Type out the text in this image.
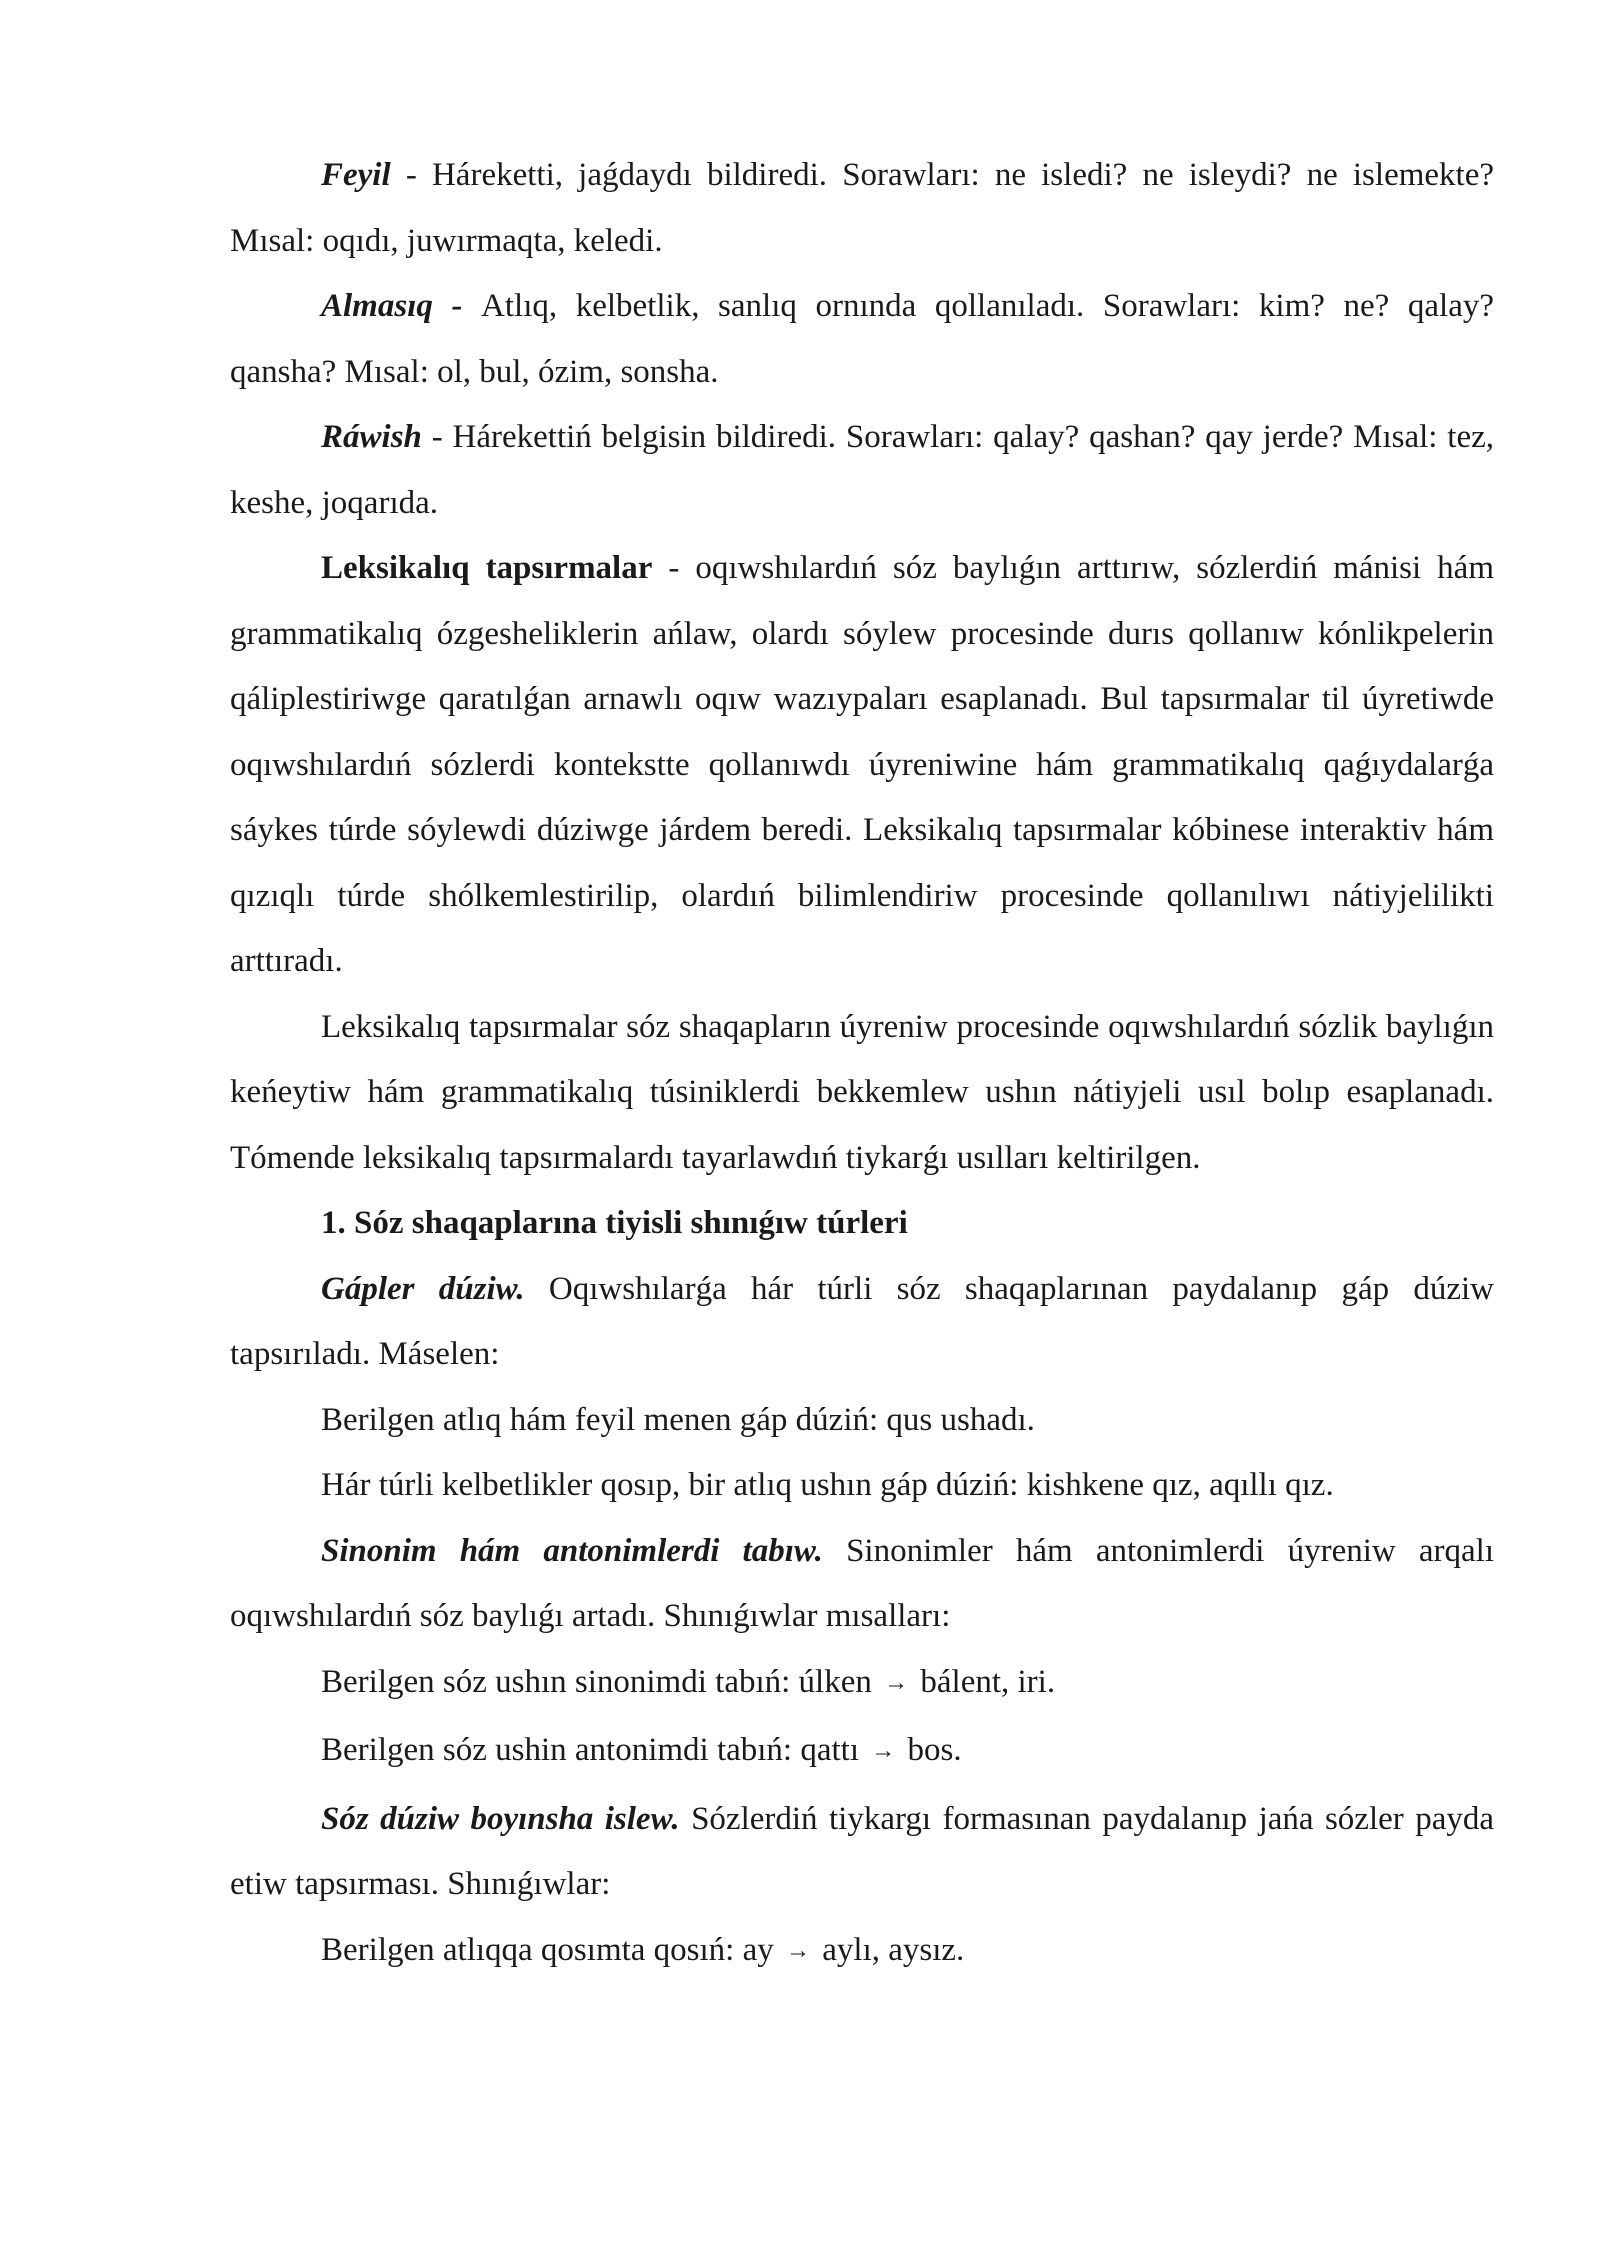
Feyil - Háreketti, jaǵdaydı bildiredi. Sorawları: ne isledi? ne isleydi? ne islemekte? Mısal: oqıdı, juwırmaqta, keledi.

Almasıq - Atlıq, kelbetlik, sanlıq ornında qollanıladı. Sorawları: kim? ne? qalay? qansha? Mısal: ol, bul, ózim, sonsha.

Ráwish - Hárekettiń belgisin bildiredi. Sorawları: qalay? qashan? qay jerde? Mısal: tez, keshe, joqarıda.

Leksikalıq tapsırmalar - oqıwshılardıń sóz baylıǵın arttırıw, sózlerdiń mánisi hám grammatikalıq ózgesheliklerin ańlaw, olardı sóylew procesinde durıs qollanıw kónlikpelerin qáliplestiriwge qaratılǵan arnawlı oqıw wazıypaları esaplanadı. Bul tapsırmalar til úyretiwde oqıwshılardıń sózlerdi kontekstte qollanıwdı úyreniwine hám grammatikalıq qaǵıydalarǵa sáykes túrde sóylewdi dúziwge járdem beredi. Leksikalıq tapsırmalar kóbinese interaktiv hám qızıqlı túrde shólkemlestirilip, olardıń bilimlendiriw procesinde qollanılıwı nátiyjelilikti arttıradı.

Leksikalıq tapsırmalar sóz shaqapların úyreniw procesinde oqıwshılardıń sózlik baylıǵın keńeytiw hám grammatikalıq túsiniklerdi bekkemlew ushın nátiyjeli usıl bolıp esaplanadı. Tómende leksikalıq tapsırmalardı tayarlawdıń tiykarǵı usılları keltirilgen.

1. Sóz shaqaplarına tiyisli shınıǵıw túrleri

Gápler dúziw. Oqıwshılarǵa hár túrli sóz shaqaplarınan paydalanıp gáp dúziw tapsırıladı. Máselen:

Berilgen atlıq hám feyil menen gáp dúziń: qus ushadı.

Hár túrli kelbetlikler qosıp, bir atlıq ushın gáp dúziń: kishkene qız, aqıllı qız.

Sinonim hám antonimlerdi tabıw. Sinonimler hám antonimlerdi úyreniw arqalı oqıwshılardıń sóz baylıǵı artadı. Shınıǵıwlar mısalları:

Berilgen sóz ushın sinonimdi tabıń: úlken → bálent, iri.

Berilgen sóz ushin antonimdi tabıń: qattı → bos.

Sóz dúziw boyınsha islew. Sózlerdiń tiykargı formasınan paydalanıp jańa sózler payda etiw tapsırması. Shınıǵıwlar:

Berilgen atlıqqa qosımta qosıń: ay → aylı, aysız.
